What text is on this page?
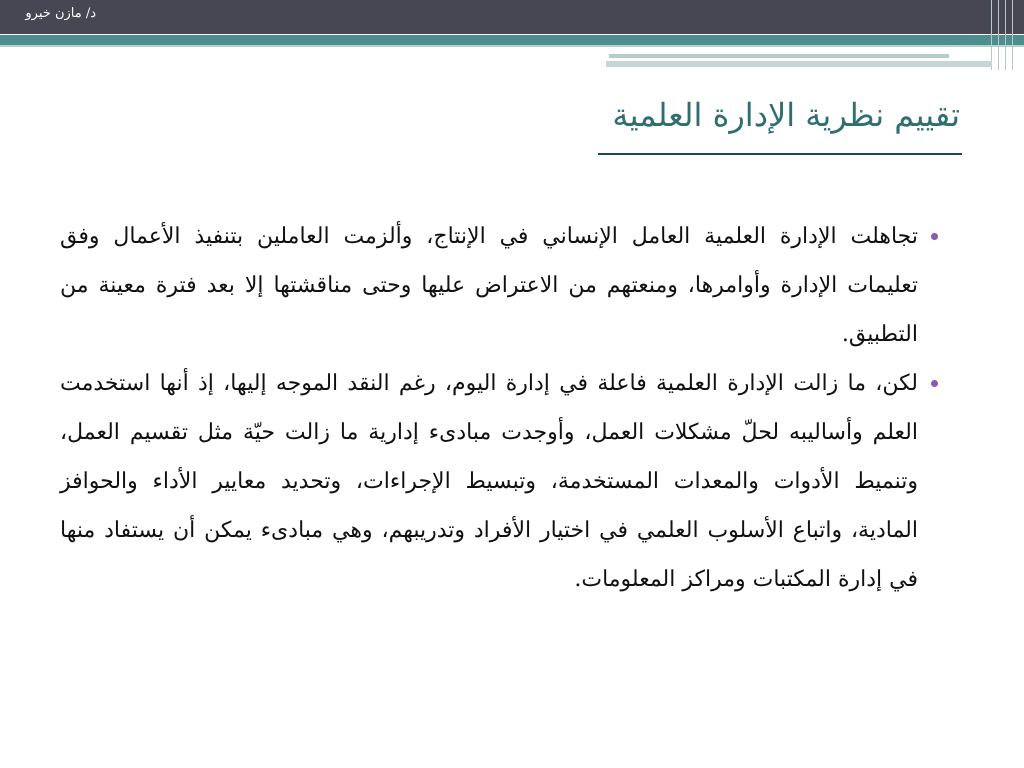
د/ مازن خيرو
تقييم نظرية الإدارة العلمية

تجاهلت الإدارة العلمية العامل الإنساني في الإنتاج، وألزمت العاملين بتنفيذ الأعمال وفق تعليمات الإدارة وأوامرها، ومنعتهم من الاعتراض عليها وحتى مناقشتها إلا بعد فترة معينة من التطبيق.

لكن، ما زالت الإدارة العلمية فاعلة في إدارة اليوم، رغم النقد الموجه إليها، إذ أنها استخدمت العلم وأساليبه لحلّ مشكلات العمل، وأوجدت مبادىء إدارية ما زالت حيّة مثل تقسيم العمل، وتنميط الأدوات والمعدات المستخدمة، وتبسيط الإجراءات، وتحديد معايير الأداء والحوافز المادية، واتباع الأسلوب العلمي في اختيار الأفراد وتدريبهم، وهي مبادىء يمكن أن يستفاد منها في إدارة المكتبات ومراكز المعلومات.
